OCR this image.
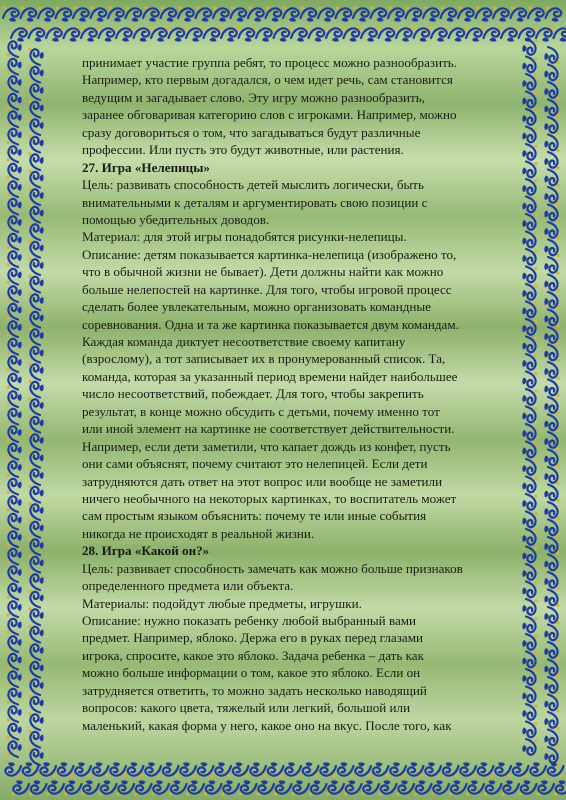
принимает участие группа ребят, то процесс можно разнообразить.
Например, кто первым догадался, о чем идет речь, сам становится
ведущим и загадывает слово. Эту игру можно разнообразить,
заранее обговаривая категорию слов с игроками. Например, можно
сразу договориться о том, что загадываться будут различные
профессии. Или пусть это будут животные, или растения.
27. Игра «Нелепицы»
Цель: развивать способность детей мыслить логически, быть
внимательными к деталям и аргументировать свою позиции с
помощью убедительных доводов.
Материал: для этой игры понадобятся рисунки-нелепицы.
Описание: детям показывается картинка-нелепица (изображено то,
что в обычной жизни не бывает). Дети должны найти как можно
больше нелепостей на картинке. Для того, чтобы игровой процесс
сделать более увлекательным, можно организовать командные
соревнования. Одна и та же картинка показывается двум командам.
Каждая команда диктует несоответствие своему капитану
(взрослому), а тот записывает их в пронумерованный список. Та,
команда, которая за указанный период времени найдет наибольшее
число несоответствий, побеждает. Для того, чтобы закрепить
результат, в конце можно обсудить с детьми, почему именно тот
или иной элемент на картинке не соответствует действительности.
Например, если дети заметили, что капает дождь из конфет, пусть
они сами объяснят, почему считают это нелепицей. Если дети
затрудняются дать ответ на этот вопрос или вообще не заметили
ничего необычного на некоторых картинках, то воспитатель может
сам простым языком объяснить: почему те или иные события
никогда не происходят в реальной жизни.
28. Игра «Какой он?»
Цель: развивает способность замечать как можно больше признаков
определенного предмета или объекта.
Материалы: подойдут любые предметы, игрушки.
Описание: нужно показать ребенку любой выбранный вами
предмет. Например, яблоко. Держа его в руках перед глазами
игрока, спросите, какое это яблоко. Задача ребенка – дать как
можно больше информации о том, какое это яблоко. Если он
затрудняется ответить, то можно задать несколько наводящий
вопросов: какого цвета, тяжелый или легкий, большой или
маленький, какая форма у него, какое оно на вкус. После того, как
